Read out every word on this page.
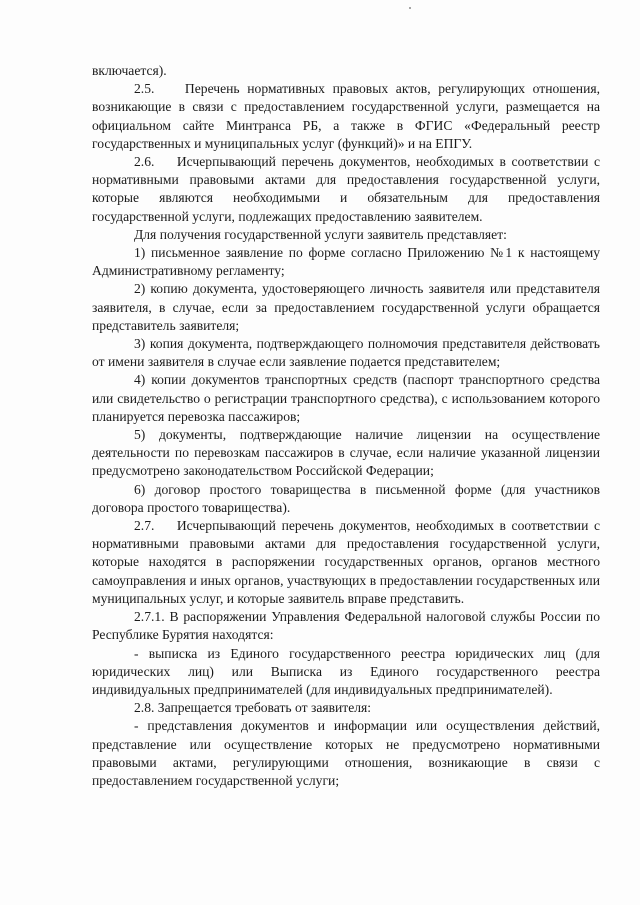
включается).

2.5.    Перечень нормативных правовых актов, регулирующих отношения, возникающие в связи с предоставлением государственной услуги, размещается на официальном сайте Минтранса РБ, а также в ФГИС «Федеральный реестр государственных и муниципальных услуг (функций)» и на ЕПГУ.

2.6.    Исчерпывающий перечень документов, необходимых в соответствии с нормативными правовыми актами для предоставления государственной услуги, которые являются необходимыми и обязательным для предоставления государственной услуги, подлежащих предоставлению заявителем.

Для получения государственной услуги заявитель представляет:

1) письменное заявление по форме согласно Приложению №1 к настоящему Административному регламенту;

2) копию документа, удостоверяющего личность заявителя или представителя заявителя, в случае, если за предоставлением государственной услуги обращается представитель заявителя;

3) копия документа, подтверждающего полномочия представителя действовать от имени заявителя в случае если заявление подается представителем;

4) копии документов транспортных средств (паспорт транспортного средства или свидетельство о регистрации транспортного средства), с использованием которого планируется перевозка пассажиров;

5) документы, подтверждающие наличие лицензии на осуществление деятельности по перевозкам пассажиров в случае, если наличие указанной лицензии предусмотрено законодательством Российской Федерации;

6) договор простого товарищества в письменной форме (для участников договора простого товарищества).

2.7.    Исчерпывающий перечень документов, необходимых в соответствии с нормативными правовыми актами для предоставления государственной услуги, которые находятся в распоряжении государственных органов, органов местного самоуправления и иных органов, участвующих в предоставлении государственных или муниципальных услуг, и которые заявитель вправе представить.

2.7.1. В распоряжении Управления Федеральной налоговой службы России по Республике Бурятия находятся:

- выписка из Единого государственного реестра юридических лиц (для юридических лиц) или Выписка из Единого государственного реестра индивидуальных предпринимателей (для индивидуальных предпринимателей).

2.8. Запрещается требовать от заявителя:

- представления документов и информации или осуществления действий, представление или осуществление которых не предусмотрено нормативными правовыми актами, регулирующими отношения, возникающие в связи с предоставлением государственной услуги;
